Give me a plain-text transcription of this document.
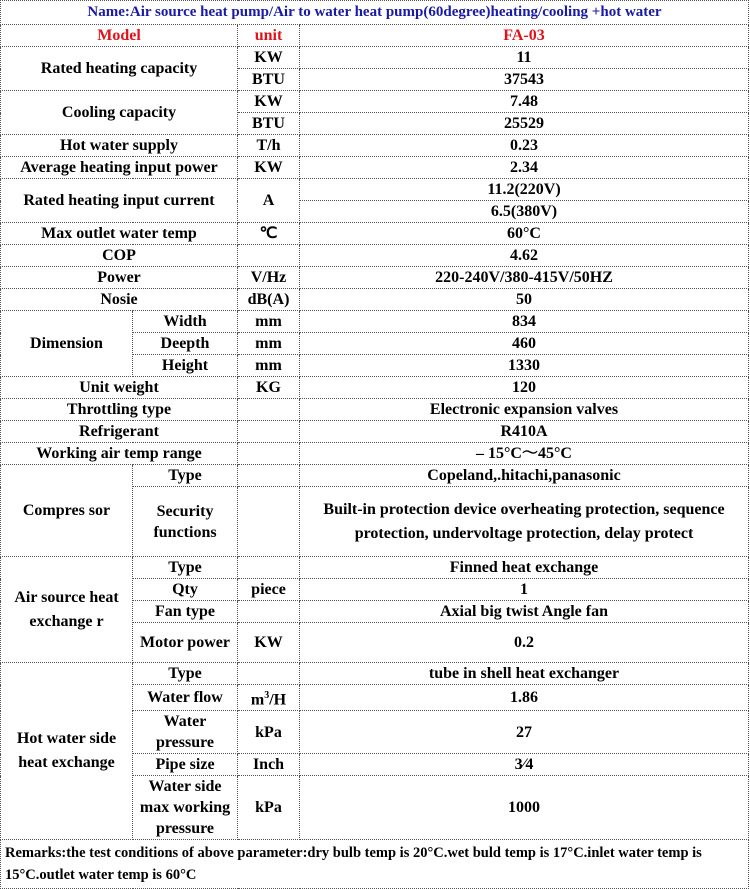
Name:Air source heat pump/Air to water heat pump(60degree)heating/cooling +hot water			
Model		unit	FA-03
Rated heating capacity		KW	11
		BTU	37543
Cooling capacity		KW	7.48
		BTU	25529
Hot water supply		T/h	0.23
Average heating input power		KW	2.34
Rated heating input current		A	11.2(220V)
			6.5(380V)
Max outlet water temp		℃	60°C
COP			4.62
Power		V/Hz	220-240V/380-415V/50HZ
Nosie		dB(A)	50
Dimension	Width	mm	834
	Deepth	mm	460
	Height	mm	1330
Unit weight		KG	120
Throttling type			Electronic expansion valves
Refrigerant			R410A
Working air temp range			– 15°C～45°C
Compres sor	Type		Copeland,.hitachi,panasonic
	Security functions		Built-in protection device overheating protection, sequence protection, undervoltage protection, delay protect
Air source heat exchange r	Type		Finned heat exchange
	Qty	piece	1
	Fan type		Axial big twist Angle fan
	Motor power	KW	0.2
Hot water side heat exchange	Type		tube in shell heat exchanger
	Water flow	$m^3/H$	1.86
	Water pressure	kPa	27
	Pipe size	Inch	3⁄4
	Water side max working pressure	kPa	1000
Remarks:the test conditions of above parameter:dry bulb temp is 20°C.wet buld temp is 17°C.inlet water temp is 15°C.outlet water temp is 60°C			
